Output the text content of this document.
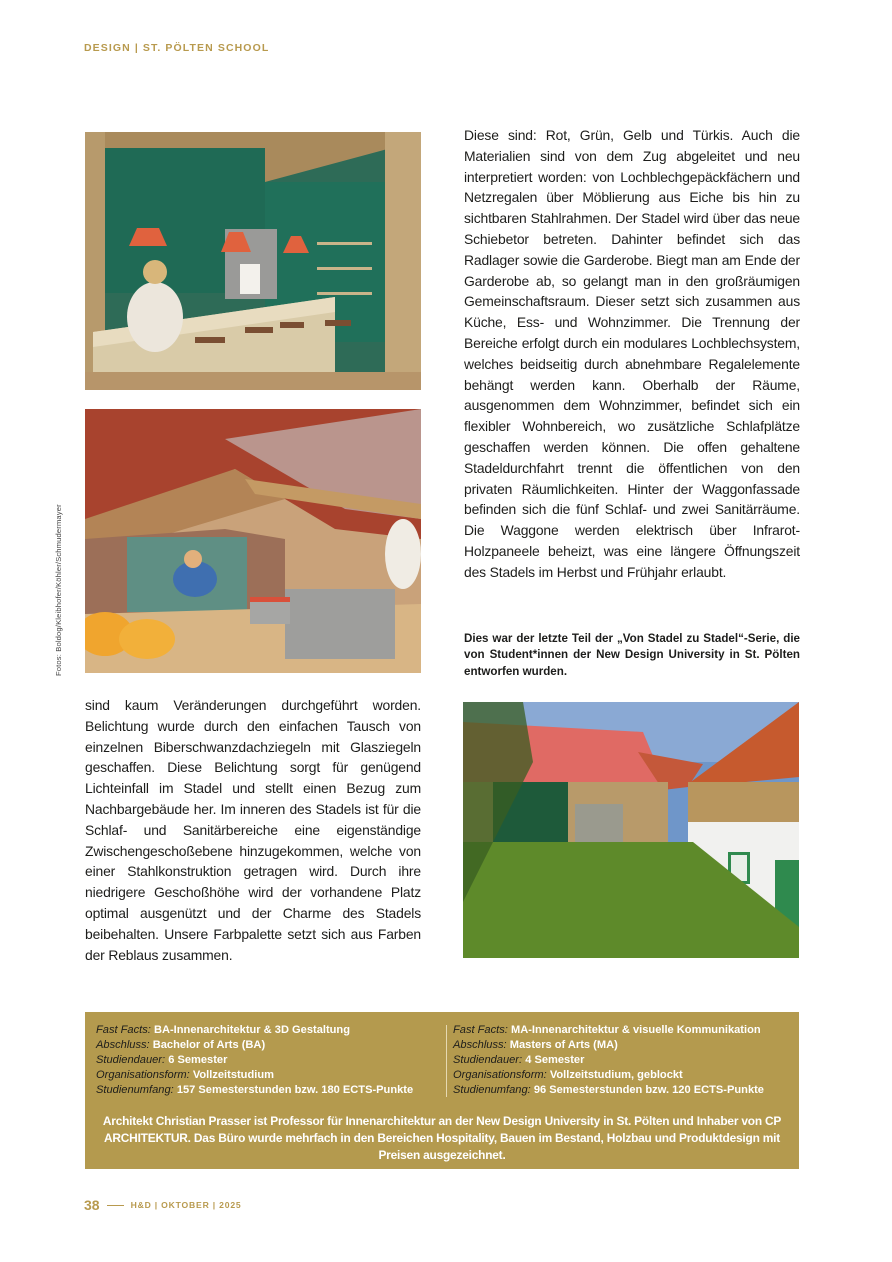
DESIGN | ST. PÖLTEN SCHOOL
Fotos: Boldog/Kleibhofer/Köhler/Schmudermayer

Diese sind: Rot, Grün, Gelb und Türkis. Auch die Materialien sind von dem Zug abgeleitet und neu interpretiert worden: von Lochblechgepäckfächern und Netzregalen über Möblierung aus Eiche bis hin zu sichtbaren Stahlrahmen. Der Stadel wird über das neue Schiebetor betreten. Dahinter befindet sich das Radlager sowie die Garderobe. Biegt man am Ende der Garderobe ab, so gelangt man in den großräumigen Gemeinschaftsraum. Dieser setzt sich zusammen aus Küche, Ess- und Wohnzimmer. Die Trennung der Bereiche erfolgt durch ein modulares Lochblechsystem, welches beidseitig durch abnehmbare Regalelemente behängt werden kann. Oberhalb der Räume, ausgenommen dem Wohnzimmer, befindet sich ein flexibler Wohnbereich, wo zusätzliche Schlafplätze geschaffen werden können. Die offen gehaltene Stadeldurchfahrt trennt die öffentlichen von den privaten Räumlichkeiten. Hinter der Waggonfassade befinden sich die fünf Schlaf- und zwei Sanitärräume. Die Waggone werden elektrisch über Infrarot-Holzpaneele beheizt, was eine längere Öffnungszeit des Stadels im Herbst und Frühjahr erlaubt.

Dies war der letzte Teil der „Von Stadel zu Stadel“-Serie, die von Student*innen der New Design University in St. Pölten entworfen wurden.

sind kaum Veränderungen durchgeführt worden. Belichtung wurde durch den einfachen Tausch von einzelnen Biberschwanzdachziegeln mit Glasziegeln geschaffen. Diese Belichtung sorgt für genügend Lichteinfall im Stadel und stellt einen Bezug zum Nachbargebäude her. Im inneren des Stadels ist für die Schlaf- und Sanitärbereiche eine eigenständige Zwischengeschoßebene hinzugekommen, welche von einer Stahlkonstruktion getragen wird. Durch ihre niedrigere Geschoßhöhe wird der vorhandene Platz optimal ausgenützt und der Charme des Stadels beibehalten. Unsere Farbpalette setzt sich aus Farben der Reblaus zusammen.

Fast Facts: BA-Innenarchitektur & 3D Gestaltung
Abschluss: Bachelor of Arts (BA)
Studiendauer: 6 Semester
Organisationsform: Vollzeitstudium
Studienumfang: 157 Semesterstunden bzw. 180 ECTS-Punkte
Fast Facts: MA-Innenarchitektur & visuelle Kommunikation
Abschluss: Masters of Arts (MA)
Studiendauer: 4 Semester
Organisationsform: Vollzeitstudium, geblockt
Studienumfang: 96 Semesterstunden bzw. 120 ECTS-Punkte
Architekt Christian Prasser ist Professor für Innenarchitektur an der New Design University in St. Pölten und Inhaber von CP ARCHITEKTUR. Das Büro wurde mehrfach in den Bereichen Hospitality, Bauen im Bestand, Holzbau und Produktdesign mit Preisen ausgezeichnet.
38	H&D | OKTOBER | 2025
